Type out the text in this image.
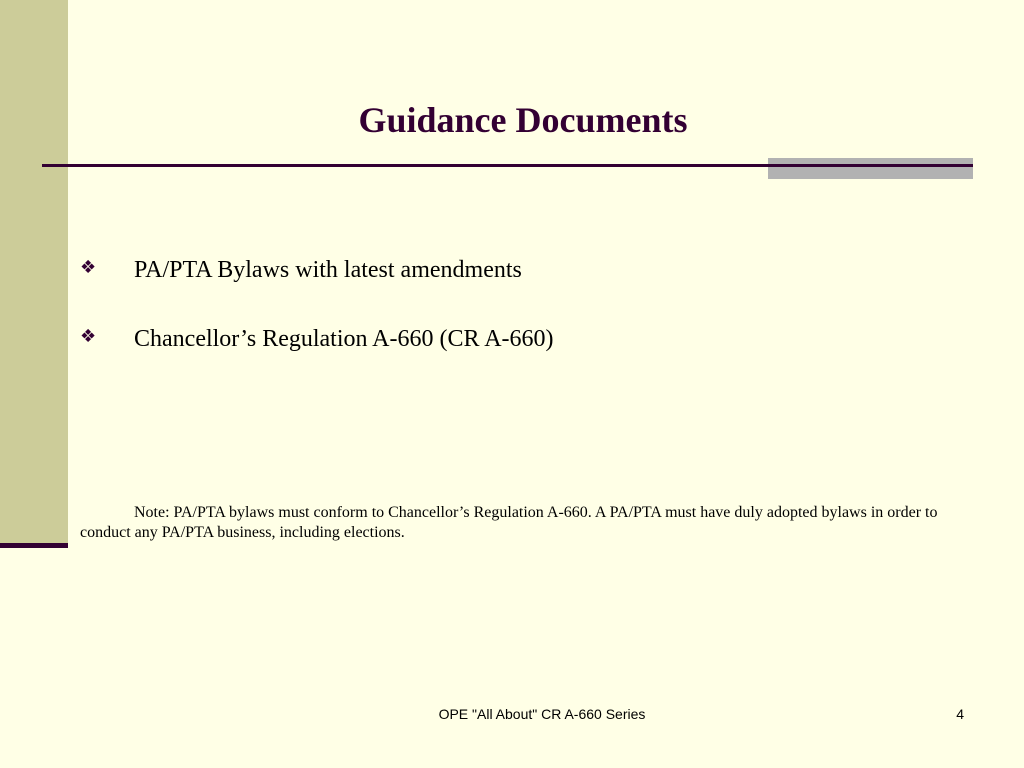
Guidance Documents
❖ PA/PTA Bylaws with latest amendments
❖ Chancellor’s Regulation A-660 (CR A-660)

Note: PA/PTA bylaws must conform to Chancellor’s Regulation A-660. A PA/PTA must have duly adopted bylaws in order to conduct any PA/PTA business, including elections.

OPE "All About" CR A-660 Series	4
